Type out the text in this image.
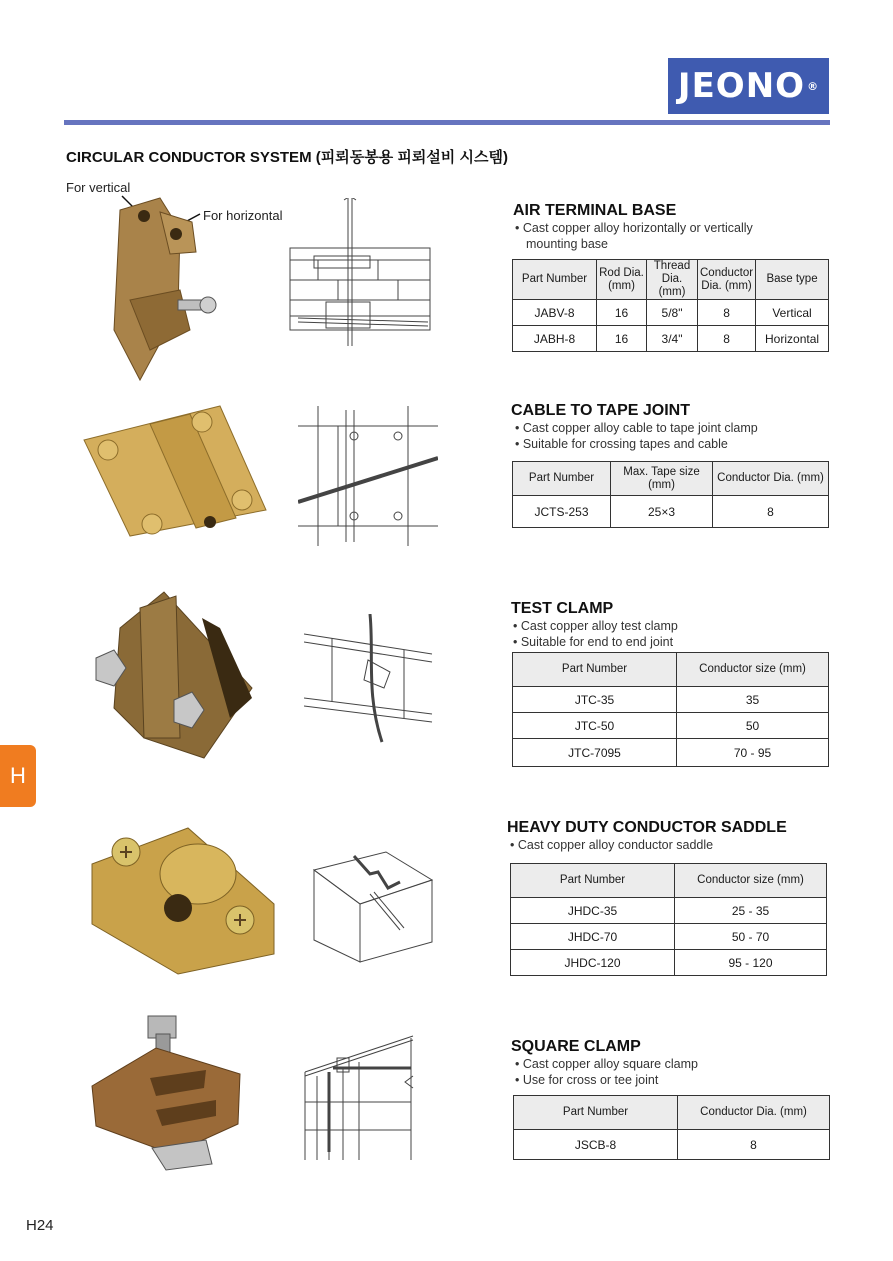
JEONO ®
CIRCULAR CONDUCTOR SYSTEM (피뢰동봉용 피뢰설비 시스템)
H
H24
For vertical
For horizontal	AIR TERMINAL BASE
• Cast copper alloy horizontally or vertically
mounting base
Part Number	Rod Dia. (mm)	Thread Dia. (mm)	Conductor Dia. (mm)	Base type
JABV-8	16	5/8"	8	Vertical
JABH-8	16	3/4"	8	Horizontal
CABLE TO TAPE JOINT
• Cast copper alloy cable to tape joint clamp
• Suitable for crossing tapes and cable
Part Number	Max. Tape size (mm)	Conductor Dia. (mm)
JCTS-253	25×3	8
TEST CLAMP
• Cast copper alloy test clamp
• Suitable for end to end joint
Part Number	Conductor size (mm)
JTC-35	35
JTC-50	50
JTC-7095	70 - 95
HEAVY DUTY CONDUCTOR SADDLE
• Cast copper alloy conductor saddle
Part Number	Conductor size (mm)
JHDC-35	25 - 35
JHDC-70	50 - 70
JHDC-120	95 - 120
SQUARE CLAMP
• Cast copper alloy square clamp
• Use for cross or tee joint
Part Number	Conductor Dia. (mm)
JSCB-8	8
